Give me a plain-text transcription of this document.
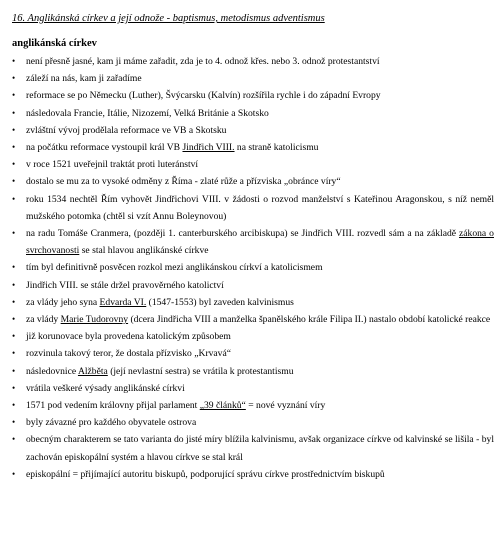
16. Anglikánská církev a její odnože - baptismus, metodismus adventismus
anglikánská církev
• není přesně jasné, kam ji máme zařadit, zda je to 4. odnož křes. nebo 3. odnož protestantství
• záleží na nás, kam ji zařadíme
• reformace se po Německu (Luther), Švýcarsku (Kalvín) rozšířila rychle i do západní Evropy
• následovala Francie, Itálie, Nizozemí, Velká Británie a Skotsko
• zvláštní vývoj prodělala reformace ve VB a Skotsku
• na počátku reformace vystoupil král VB Jindřich VIII. na straně katolicismu
• v roce 1521 uveřejnil traktát proti luteránství
• dostalo se mu za to vysoké odměny z Říma - zlaté růže a přízviska „obránce víry“
• roku 1534 nechtěl Řím vyhovět Jindřichovi VIII. v žádosti o rozvod manželství s Kateřinou Aragonskou, s níž neměl mužského potomka (chtěl si vzít Annu Boleynovou)
• na radu Tomáše Cranmera, (později 1. canterburského arcibiskupa) se Jindřich VIII. rozvedl sám a na základě zákona o svrchovanosti se stal hlavou anglikánské církve
• tím byl definitivně posvěcen rozkol mezi anglikánskou církví a katolicismem
• Jindřich VIII. se stále držel pravověrného katolictví
• za vlády jeho syna Edvarda VI. (1547-1553) byl zaveden kalvinismus
• za vlády Marie Tudorovny (dcera Jindřicha VIII a manželka španělského krále Filipa II.) nastalo období katolické reakce
• již korunovace byla provedena katolickým způsobem
• rozvinula takový teror, že dostala přízvisko „Krvavá“
• následovnice Alžběta (její nevlastní sestra) se vrátila k protestantismu
• vrátila veškeré výsady anglikánské církvi
• 1571 pod vedením královny přijal parlament „39 článků“ = nové vyznání víry
• byly závazné pro každého obyvatele ostrova
• obecným charakterem se tato varianta do jisté míry blížila kalvinismu, avšak organizace církve od kalvinské se lišila - byl zachován episkopální systém a hlavou církve se stal král
• episkopální = přijímající autoritu biskupů, podporující správu církve prostřednictvím biskupů
